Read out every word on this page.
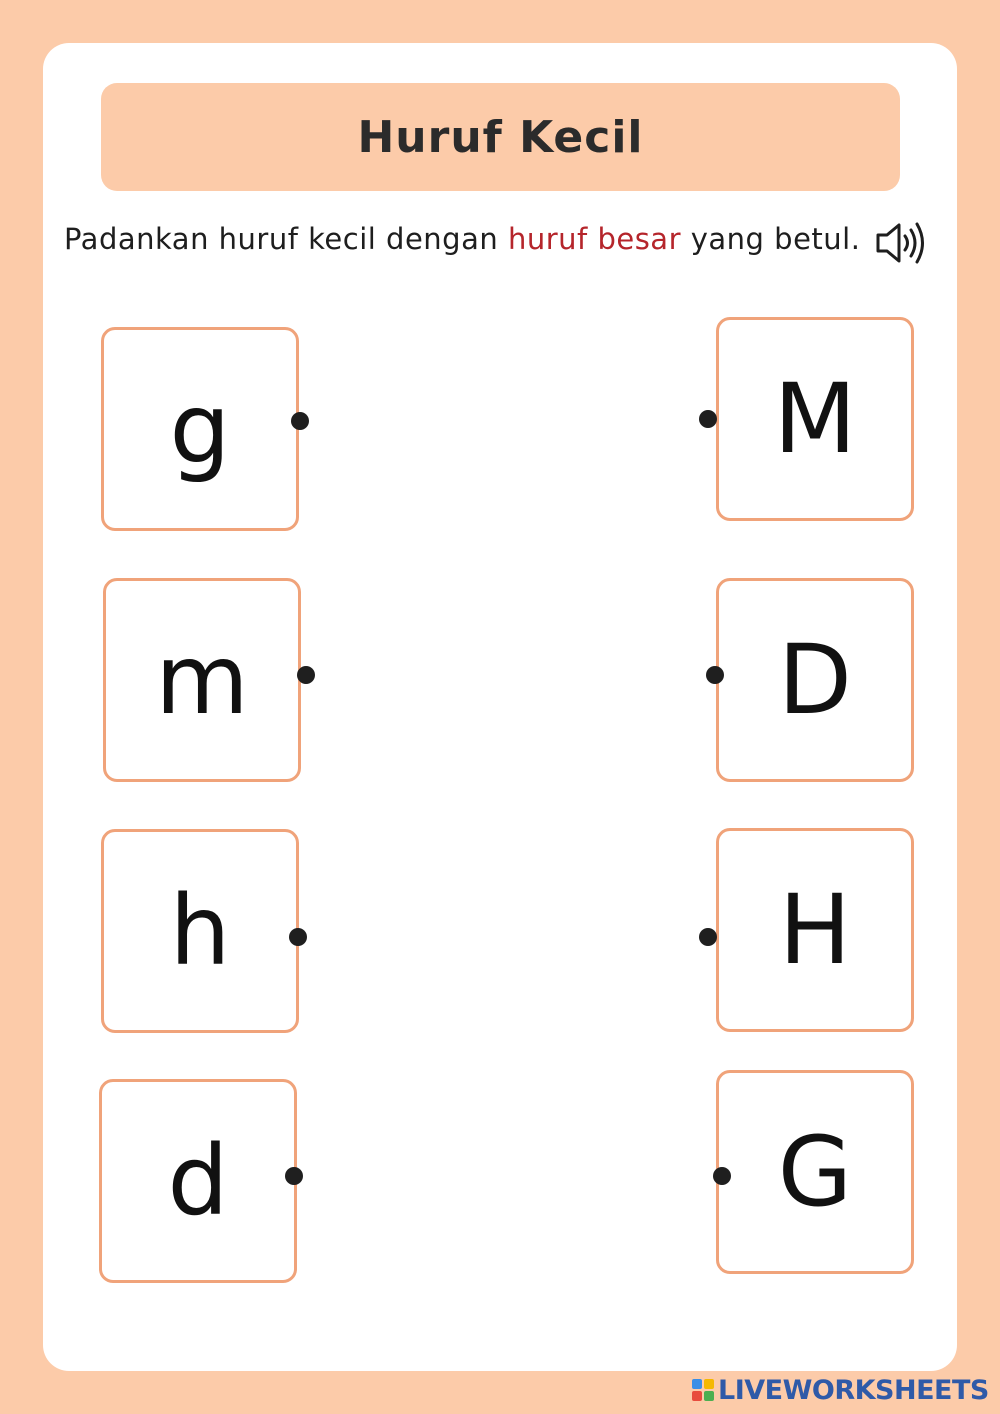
Huruf Kecil
Padankan huruf kecil dengan huruf besar yang betul.
g
m
h
d
M
D
H
G
LIVEWORKSHEETS
